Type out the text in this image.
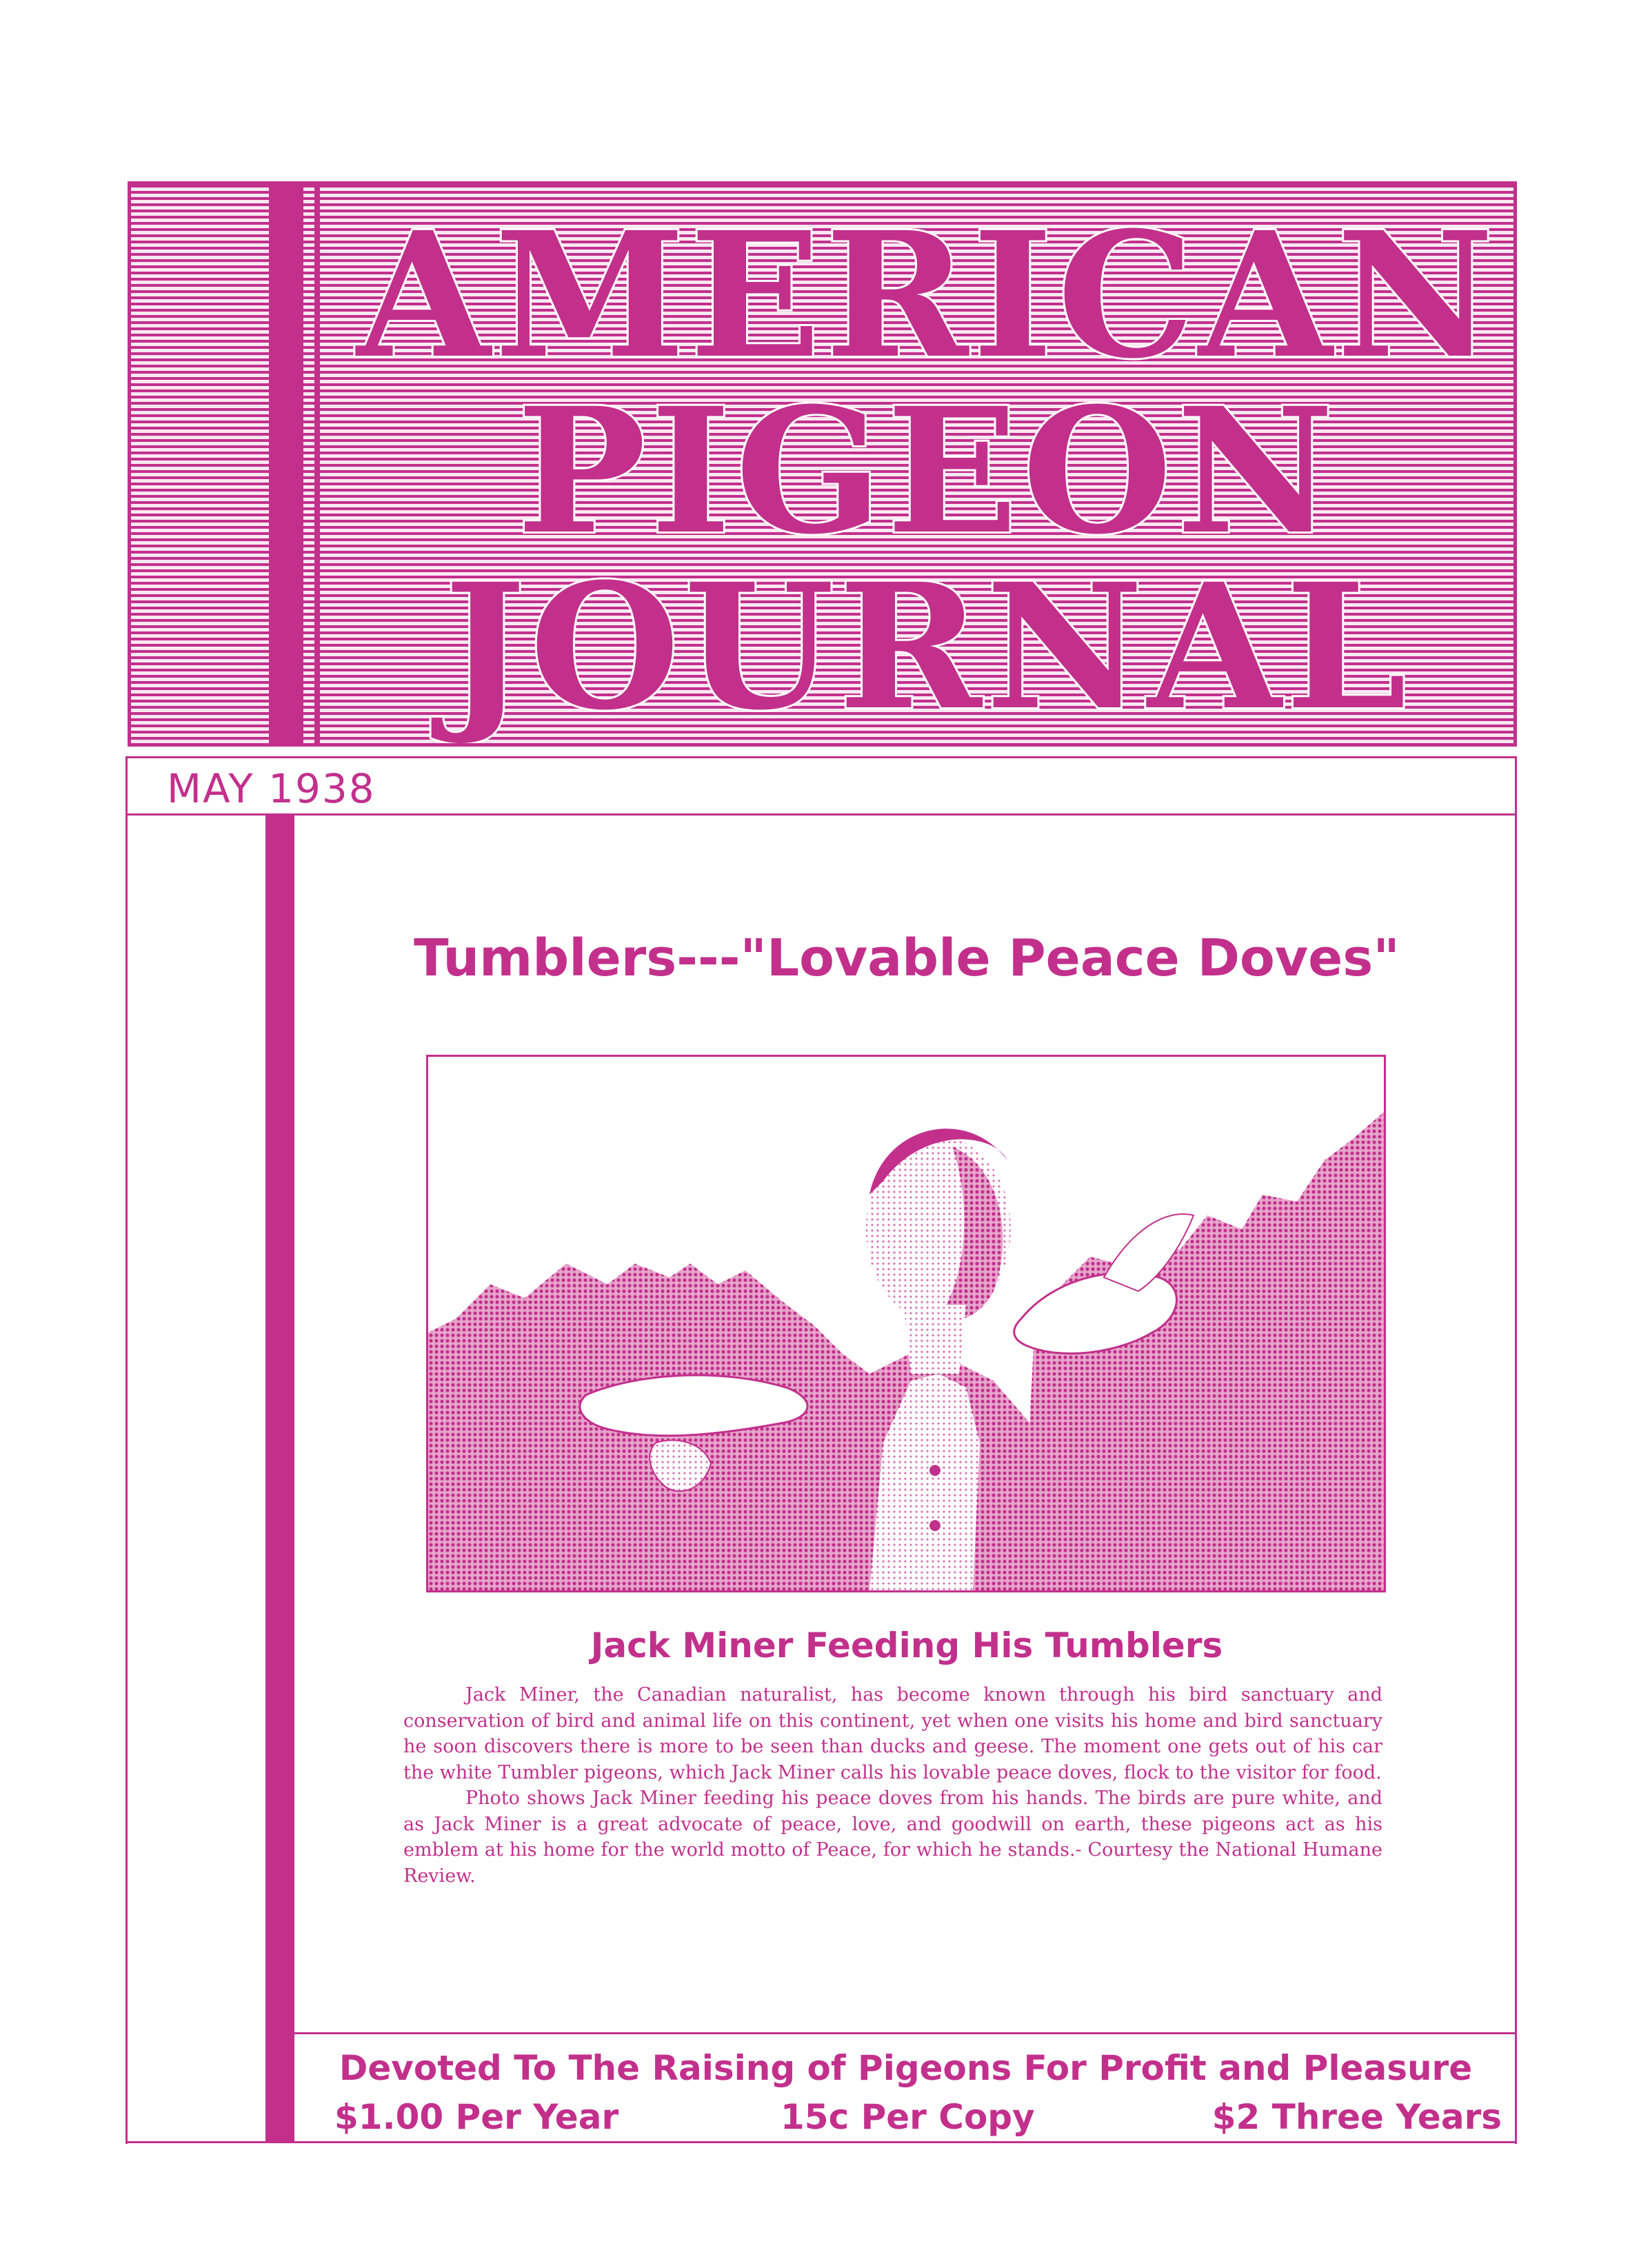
AMERICAN
PIGEON
JOURNAL
MAY 1938
Tumblers---"Lovable Peace Doves"
Jack Miner Feeding His Tumblers

Jack Miner, the Canadian naturalist, has become known through his bird sanctuary and conservation of bird and animal life on this continent, yet when one visits his home and bird sanctuary he soon discovers there is more to be seen than ducks and geese. The moment one gets out of his car the white Tumbler pigeons, which Jack Miner calls his lovable peace doves, flock to the visitor for food.

Photo shows Jack Miner feeding his peace doves from his hands. The birds are pure white, and as Jack Miner is a great advocate of peace, love, and goodwill on earth, these pigeons act as his emblem at his home for the world motto of Peace, for which he stands.- Courtesy the National Humane Review.

Devoted To The Raising of Pigeons For Profit and Pleasure
$1.00 Per Year	15c Per Copy	$2 Three Years
